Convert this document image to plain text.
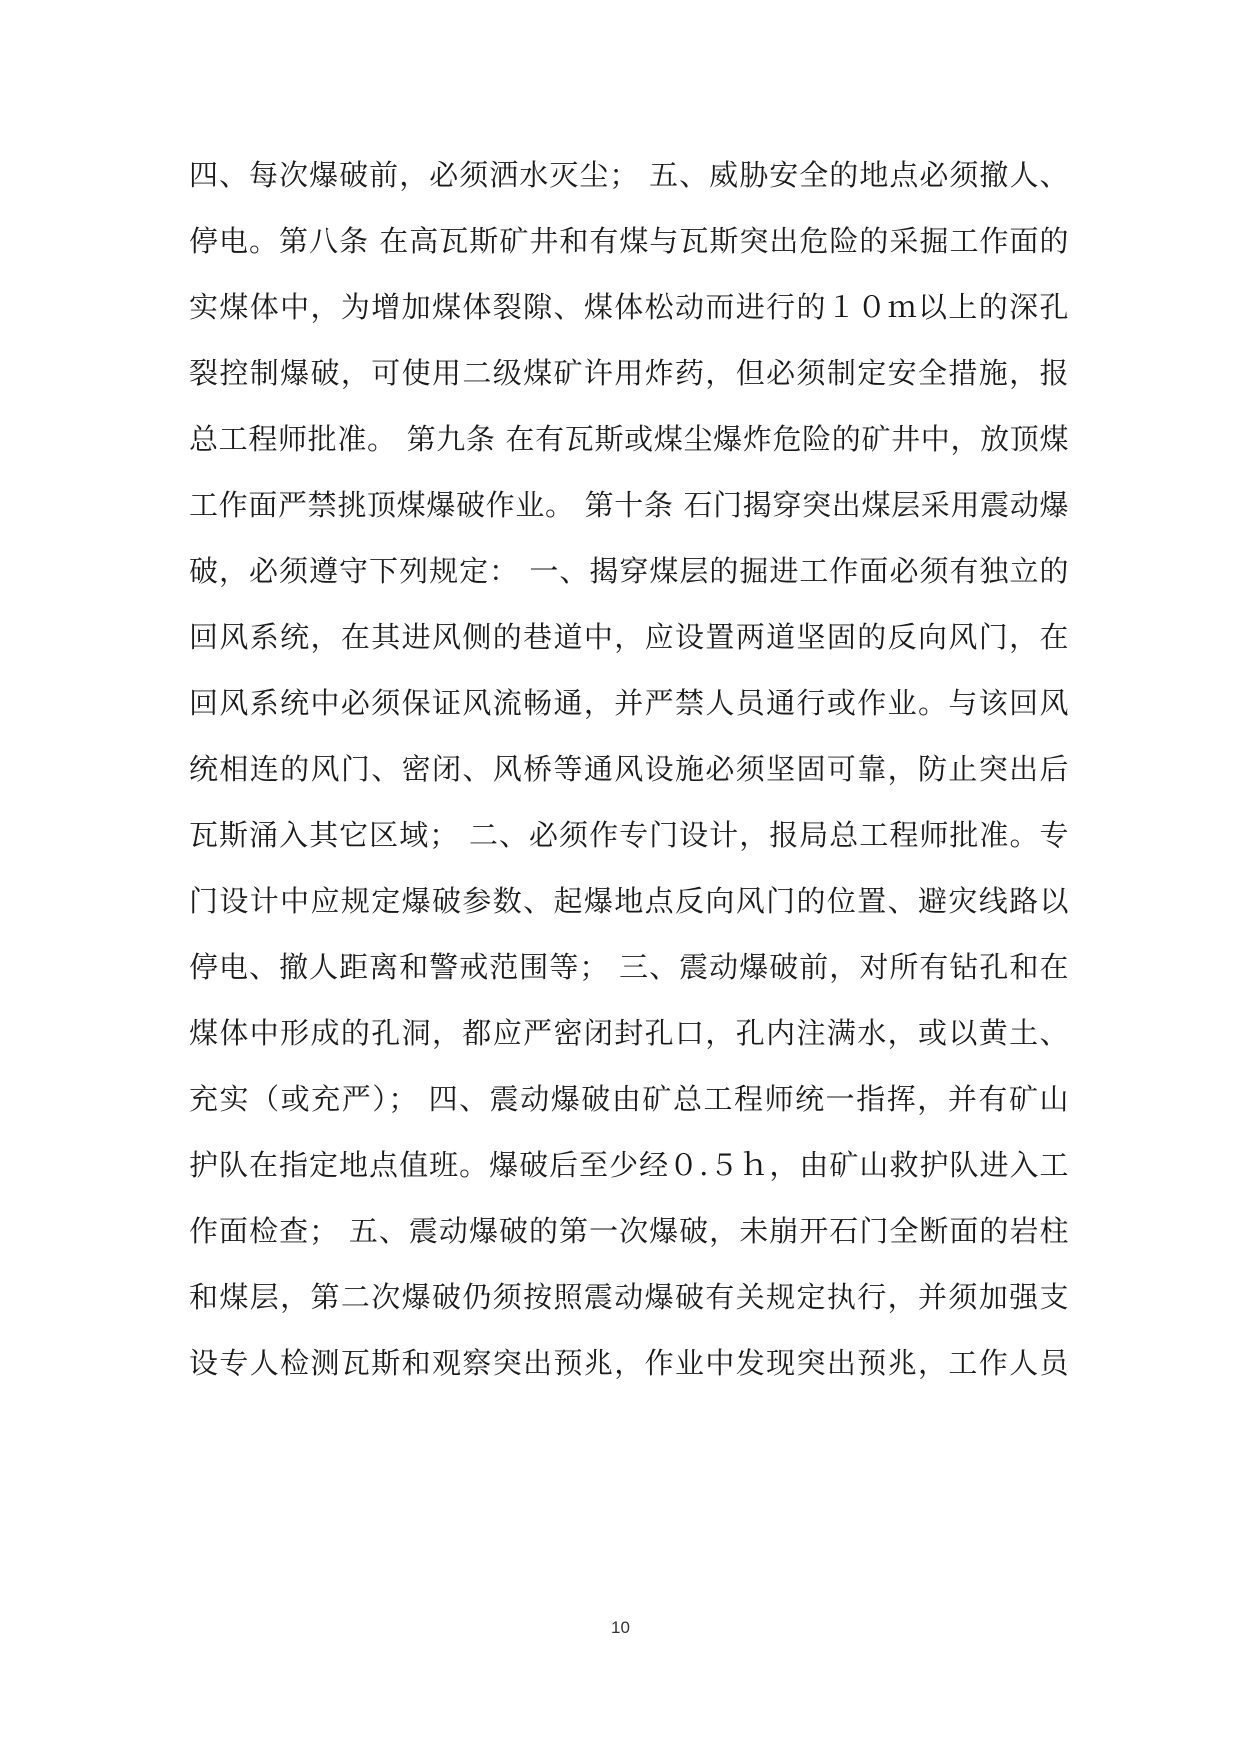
四、每次爆破前，必须洒水灭尘； 五、威胁安全的地点必须撤人、
停电。第八条 在高瓦斯矿井和有煤与瓦斯突出危险的采掘工作面的
实煤体中，为增加煤体裂隙、煤体松动而进行的１０ｍ以上的深孔
裂控制爆破，可使用二级煤矿许用炸药，但必须制定安全措施，报
总工程师批准。 第九条 在有瓦斯或煤尘爆炸危险的矿井中，放顶煤
工作面严禁挑顶煤爆破作业。 第十条 石门揭穿突出煤层采用震动爆
破，必须遵守下列规定： 一、揭穿煤层的掘进工作面必须有独立的
回风系统，在其进风侧的巷道中，应设置两道坚固的反向风门，在
回风系统中必须保证风流畅通，并严禁人员通行或作业。与该回风
统相连的风门、密闭、风桥等通风设施必须坚固可靠，防止突出后
瓦斯涌入其它区域； 二、必须作专门设计，报局总工程师批准。专
门设计中应规定爆破参数、起爆地点反向风门的位置、避灾线路以
停电、撤人距离和警戒范围等； 三、震动爆破前，对所有钻孔和在
煤体中形成的孔洞，都应严密闭封孔口，孔内注满水，或以黄土、
充实（或充严）； 四、震动爆破由矿总工程师统一指挥，并有矿山
护队在指定地点值班。爆破后至少经０.５ｈ，由矿山救护队进入工
作面检查； 五、震动爆破的第一次爆破，未崩开石门全断面的岩柱
和煤层，第二次爆破仍须按照震动爆破有关规定执行，并须加强支
设专人检测瓦斯和观察突出预兆，作业中发现突出预兆，工作人员
10
